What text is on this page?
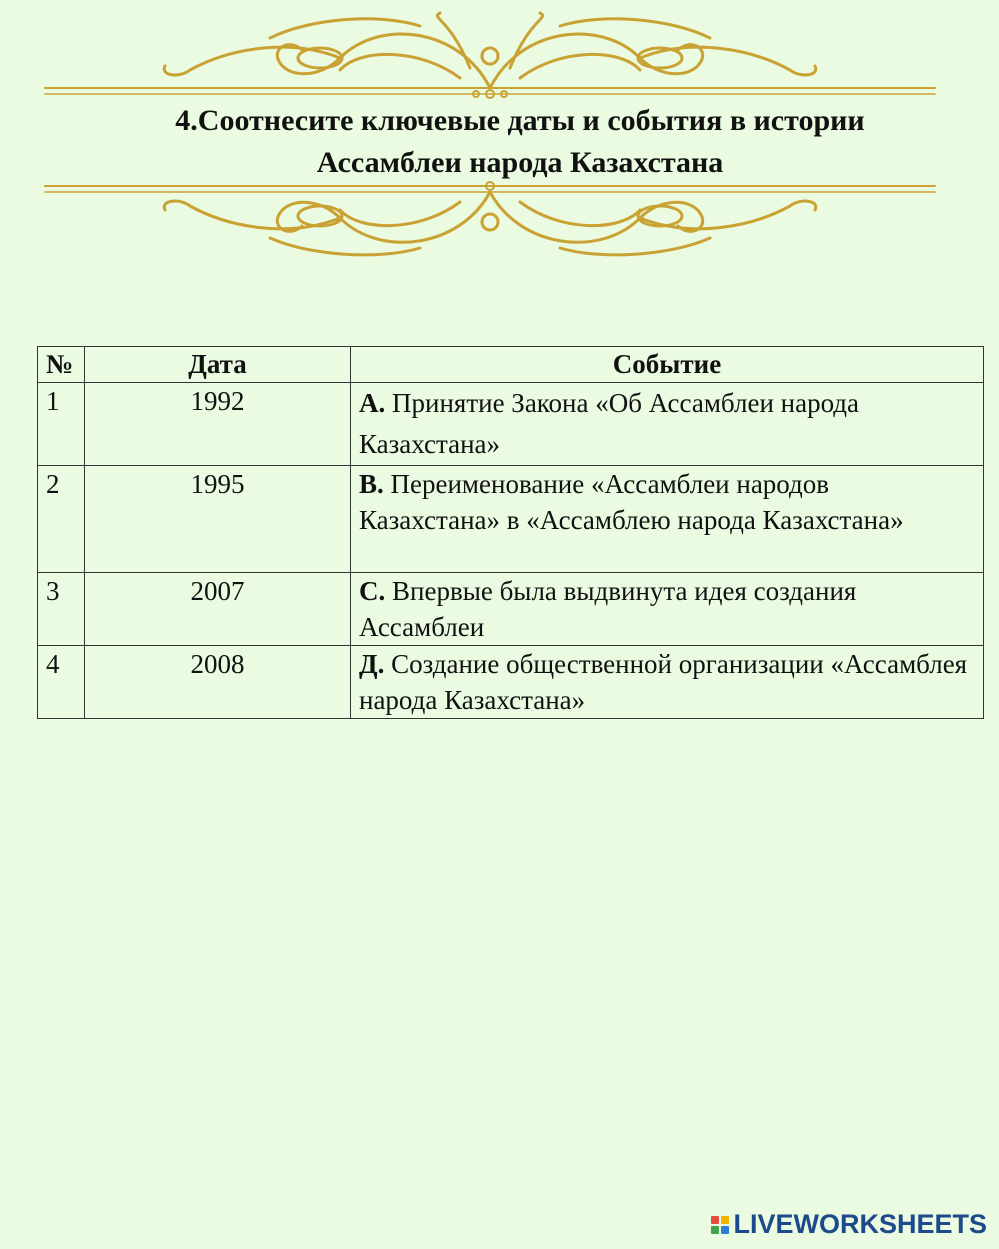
4.Соотнесите ключевые даты и события в истории
Ассамблеи народа Казахстана
№	Дата	Событие
1	1992	А. Принятие Закона «Об Ассамблеи народа Казахстана»
2	1995	В. Переименование «Ассамблеи народов Казахстана» в «Ассамблею народа Казахстана»
3	2007	С. Впервые была выдвинута идея создания Ассамблеи
4	2008	Д. Создание общественной организации «Ассамблея народа Казахстана»
LIVEWORKSHEETS
